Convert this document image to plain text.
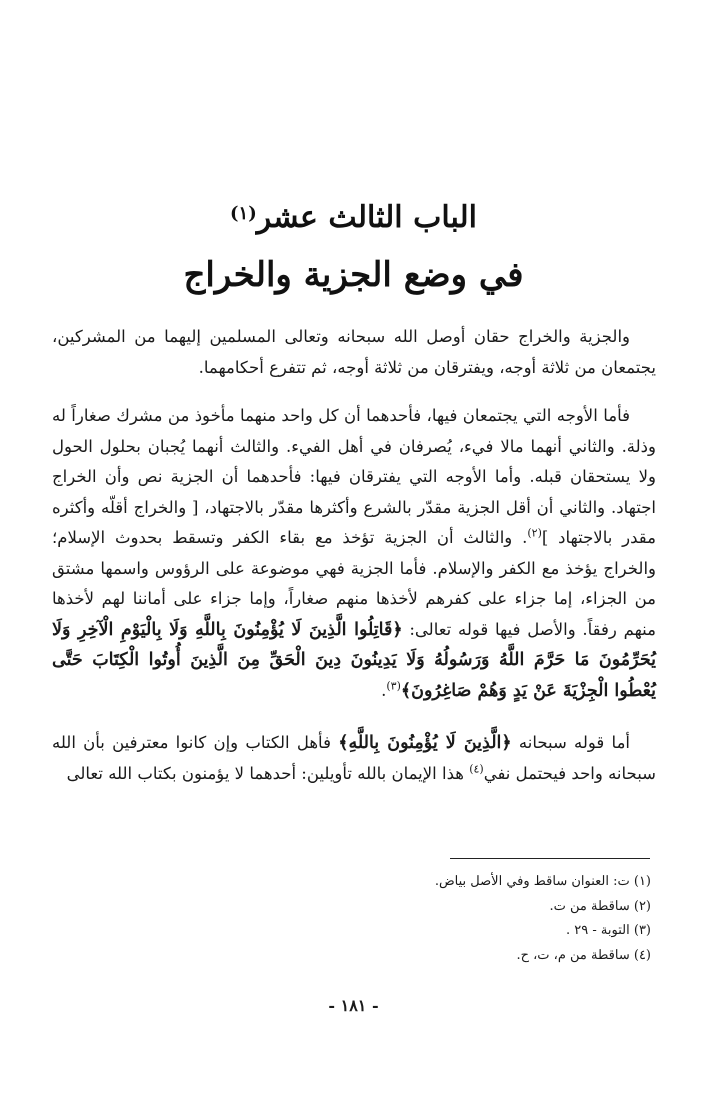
الباب الثالث عشر$^{(١)}$
في وضع الجزية والخراج

والجزية والخراج حقان أوصل الله سبحانه وتعالى المسلمين إليهما من المشركين، يجتمعان من ثلاثة أوجه، ويفترقان من ثلاثة أوجه، ثم تتفرع أحكامهما.

فأما الأوجه التي يجتمعان فيها، فأحدهما أن كل واحد منهما مأخوذ من مشرك صغاراً له وذلة. والثاني أنهما مالا فيء، يُصرفان في أهل الفيء. والثالث أنهما يُجبان بحلول الحول ولا يستحقان قبله. وأما الأوجه التي يفترقان فيها: فأحدهما أن الجزية نص وأن الخراج اجتهاد. والثاني أن أقل الجزية مقدّر بالشرع وأكثرها مقدّر بالاجتهاد، [ والخراج أقلّه وأكثره مقدر بالاجتهاد ]$^{(٢)}$. والثالث أن الجزية تؤخذ مع بقاء الكفر وتسقط بحدوث الإسلام؛ والخراج يؤخذ مع الكفر والإسلام. فأما الجزية فهي موضوعة على الرؤوس واسمها مشتق من الجزاء، إما جزاء على كفرهم لأخذها منهم صغاراً، وإما جزاء على أماننا لهم لأخذها منهم رفقاً. والأصل فيها قوله تعالى: ﴿قَاتِلُوا الَّذِينَ لَا يُؤْمِنُونَ بِاللَّهِ وَلَا بِالْيَوْمِ الْآخِرِ وَلَا يُحَرِّمُونَ مَا حَرَّمَ اللَّهُ وَرَسُولُهُ وَلَا يَدِينُونَ دِينَ الْحَقِّ مِنَ الَّذِينَ أُوتُوا الْكِتَابَ حَتَّى يُعْطُوا الْجِزْيَةَ عَنْ يَدٍ وَهُمْ صَاغِرُونَ﴾$^{(٣)}$.

أما قوله سبحانه ﴿الَّذِينَ لَا يُؤْمِنُونَ بِاللَّهِ﴾ فأهل الكتاب وإن كانوا معترفين بأن الله سبحانه واحد فيحتمل نفي$^{(٤)}$ هذا الإيمان بالله تأويلين: أحدهما لا يؤمنون بكتاب الله تعالى

(١) ت: العنوان ساقط وفي الأصل بياض.

(٢) ساقطة من ت.

(٣) التوبة - ٢٩ .

(٤) ساقطة من م، ت، ح.

- ١٨١ -
